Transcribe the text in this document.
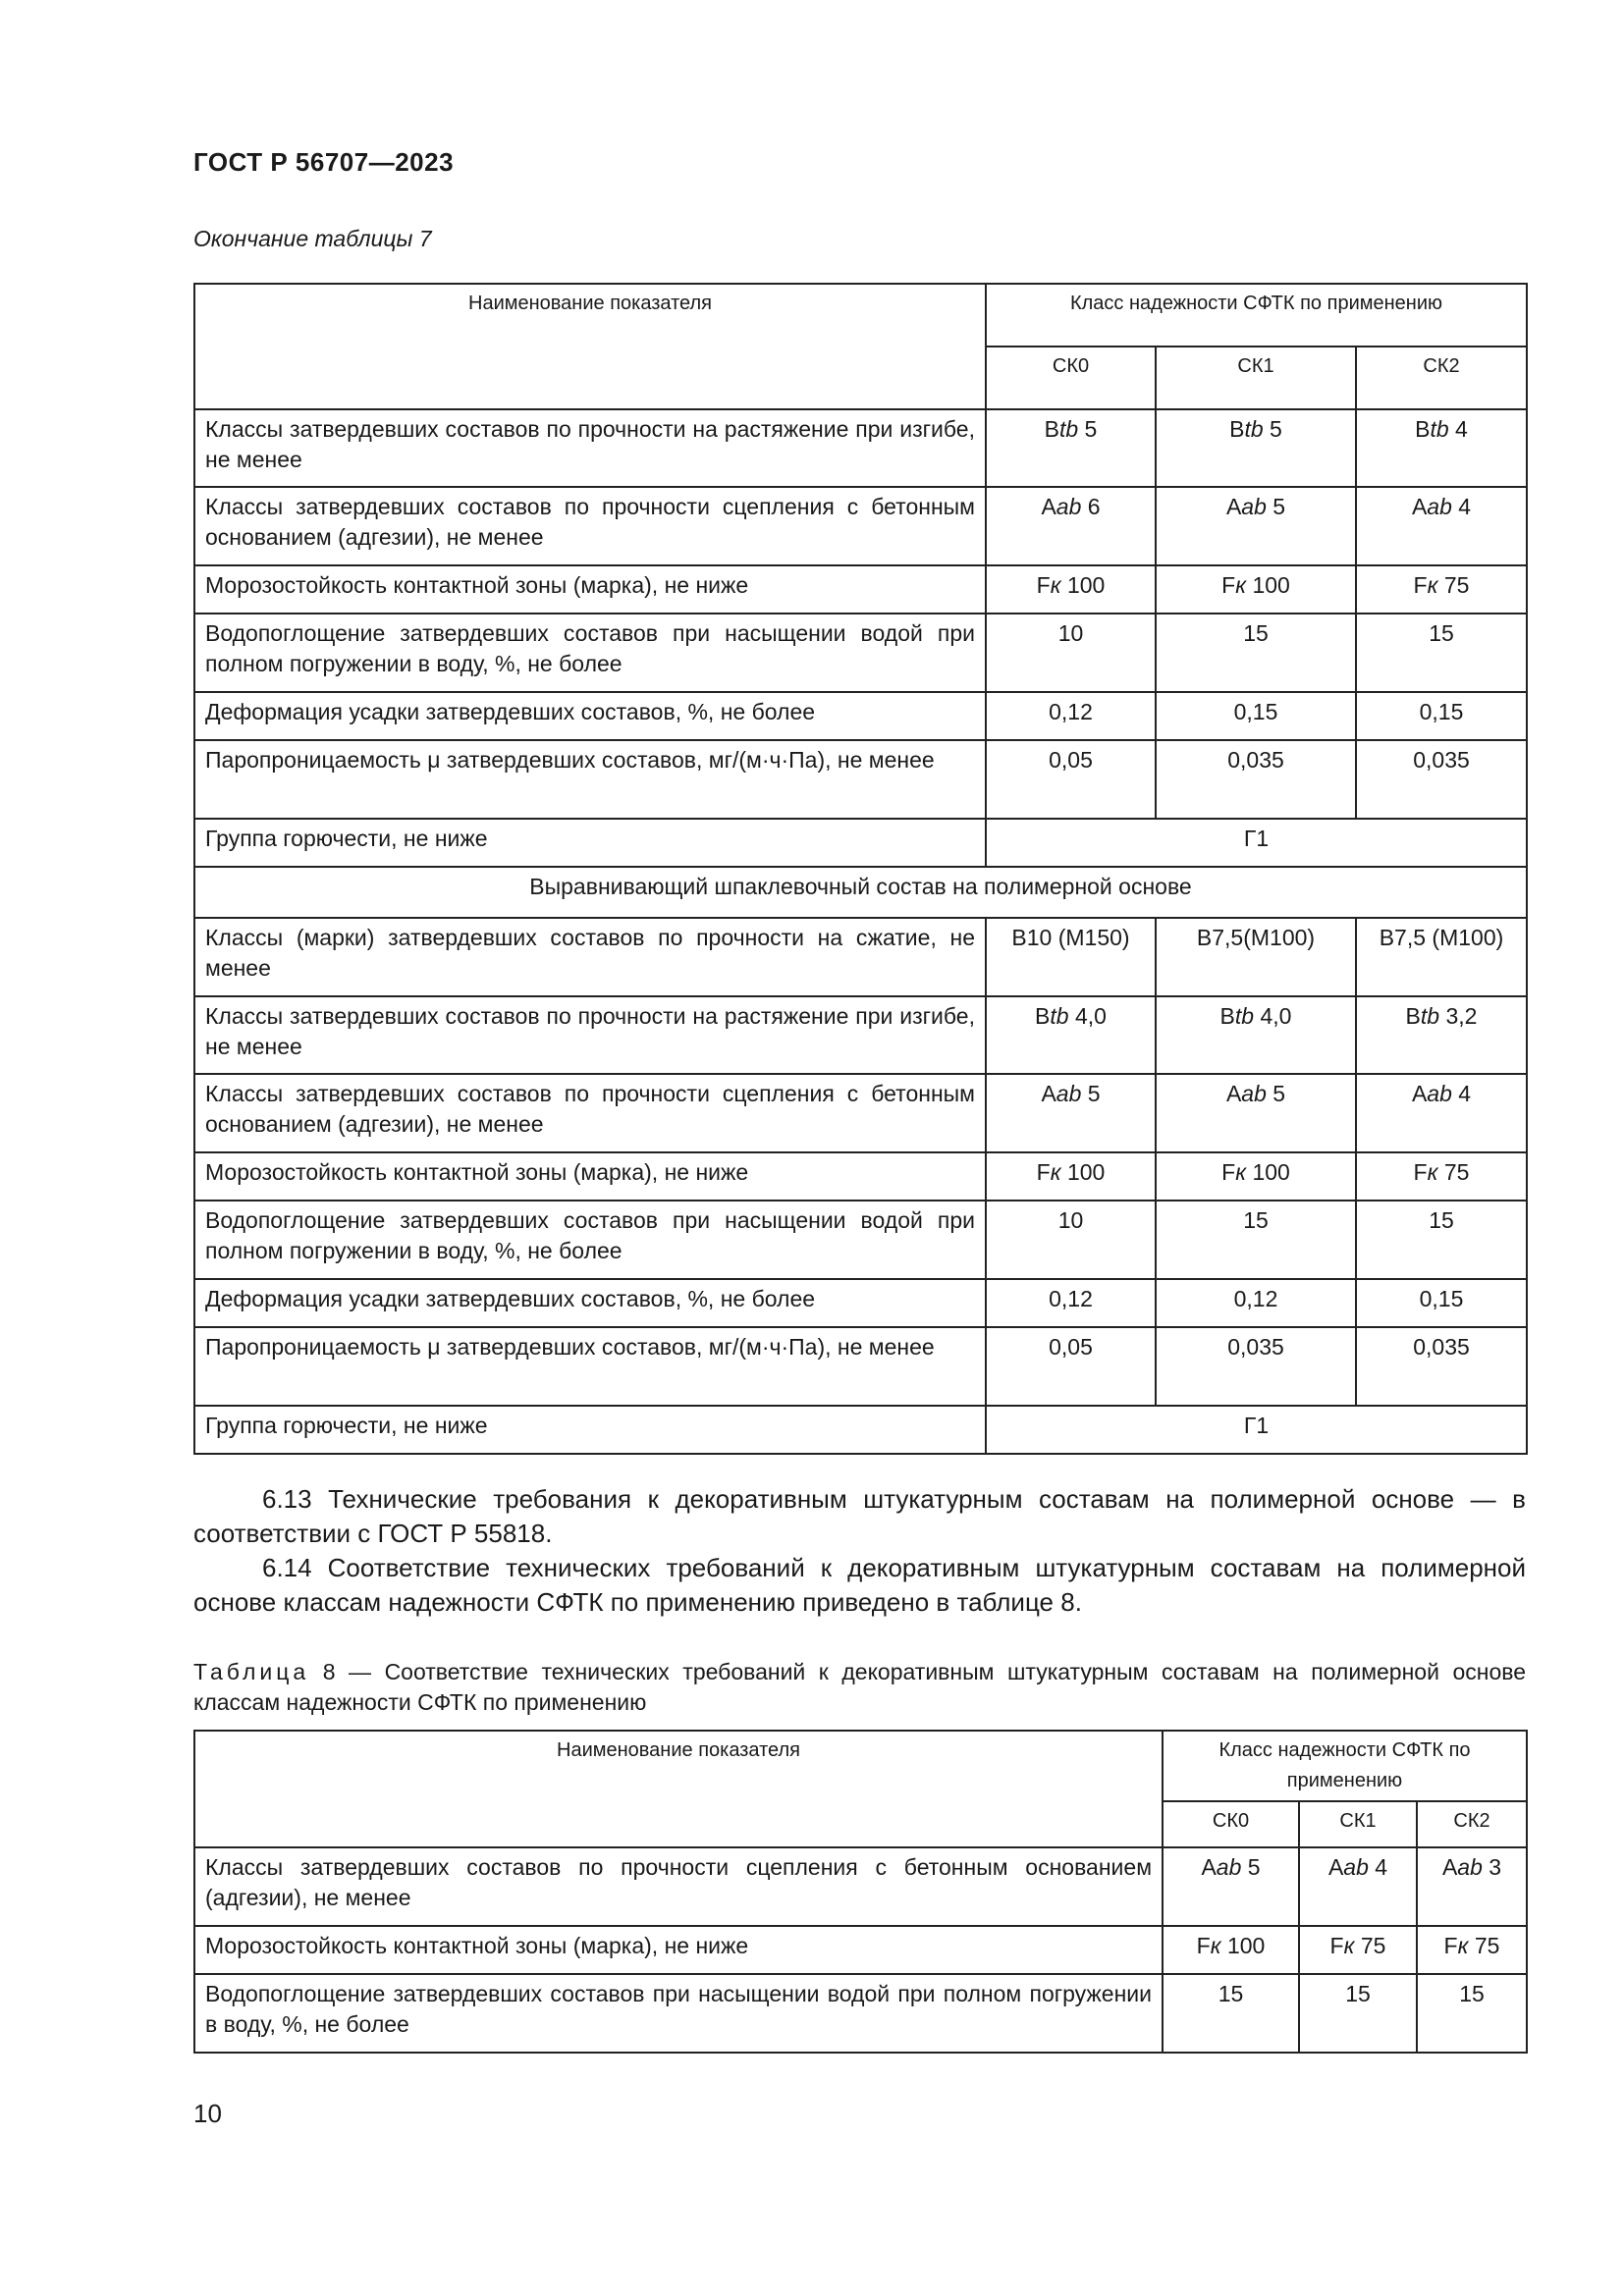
ГОСТ Р 56707—2023
Окончание таблицы 7
Наименование показателя	Класс надежности СФТК по применению		
	СК0	СК1	СК2
Классы затвердевших составов по прочности на растяжение при изгибе, не менее	Btb 5	Btb 5	Btb 4
Классы затвердевших составов по прочности сцепления с бетонным основанием (адгезии), не менее	Aab 6	Aab 5	Aab 4
Морозостойкость контактной зоны (марка), не ниже	Fк 100	Fк 100	Fк 75
Водопоглощение затвердевших составов при насыщении водой при полном погружении в воду, %, не более	10	15	15
Деформация усадки затвердевших составов, %, не более	0,12	0,15	0,15
Паропроницаемость μ затвердевших составов, мг/(м·ч·Па), не менее	0,05	0,035	0,035
Группа горючести, не ниже	Г1		
Выравнивающий шпаклевочный состав на полимерной основе			
Классы (марки) затвердевших составов по прочности на сжатие, не менее	B10 (M150)	B7,5(M100)	B7,5 (M100)
Классы затвердевших составов по прочности на растяжение при изгибе, не менее	Btb 4,0	Btb 4,0	Btb 3,2
Классы затвердевших составов по прочности сцепления с бетонным основанием (адгезии), не менее	Aab 5	Aab 5	Aab 4
Морозостойкость контактной зоны (марка), не ниже	Fк 100	Fк 100	Fк 75
Водопоглощение затвердевших составов при насыщении водой при полном погружении в воду, %, не более	10	15	15
Деформация усадки затвердевших составов, %, не более	0,12	0,12	0,15
Паропроницаемость μ затвердевших составов, мг/(м·ч·Па), не менее	0,05	0,035	0,035
Группа горючести, не ниже	Г1		
6.13 Технические требования к декоративным штукатурным составам на полимерной основе — в соответствии с ГОСТ Р 55818.
6.14 Соответствие технических требований к декоративным штукатурным составам на полимерной основе классам надежности СФТК по применению приведено в таблице 8.
Таблица 8 — Соответствие технических требований к декоративным штукатурным составам на полимерной основе классам надежности СФТК по применению
Наименование показателя	Класс надежности СФТК по применению		
	СК0	СК1	СК2
Классы затвердевших составов по прочности сцепления с бетонным основанием (адгезии), не менее	Aab 5	Aab 4	Aab 3
Морозостойкость контактной зоны (марка), не ниже	Fк 100	Fк 75	Fк 75
Водопоглощение затвердевших составов при насыщении водой при полном погружении в воду, %, не более	15	15	15
10
